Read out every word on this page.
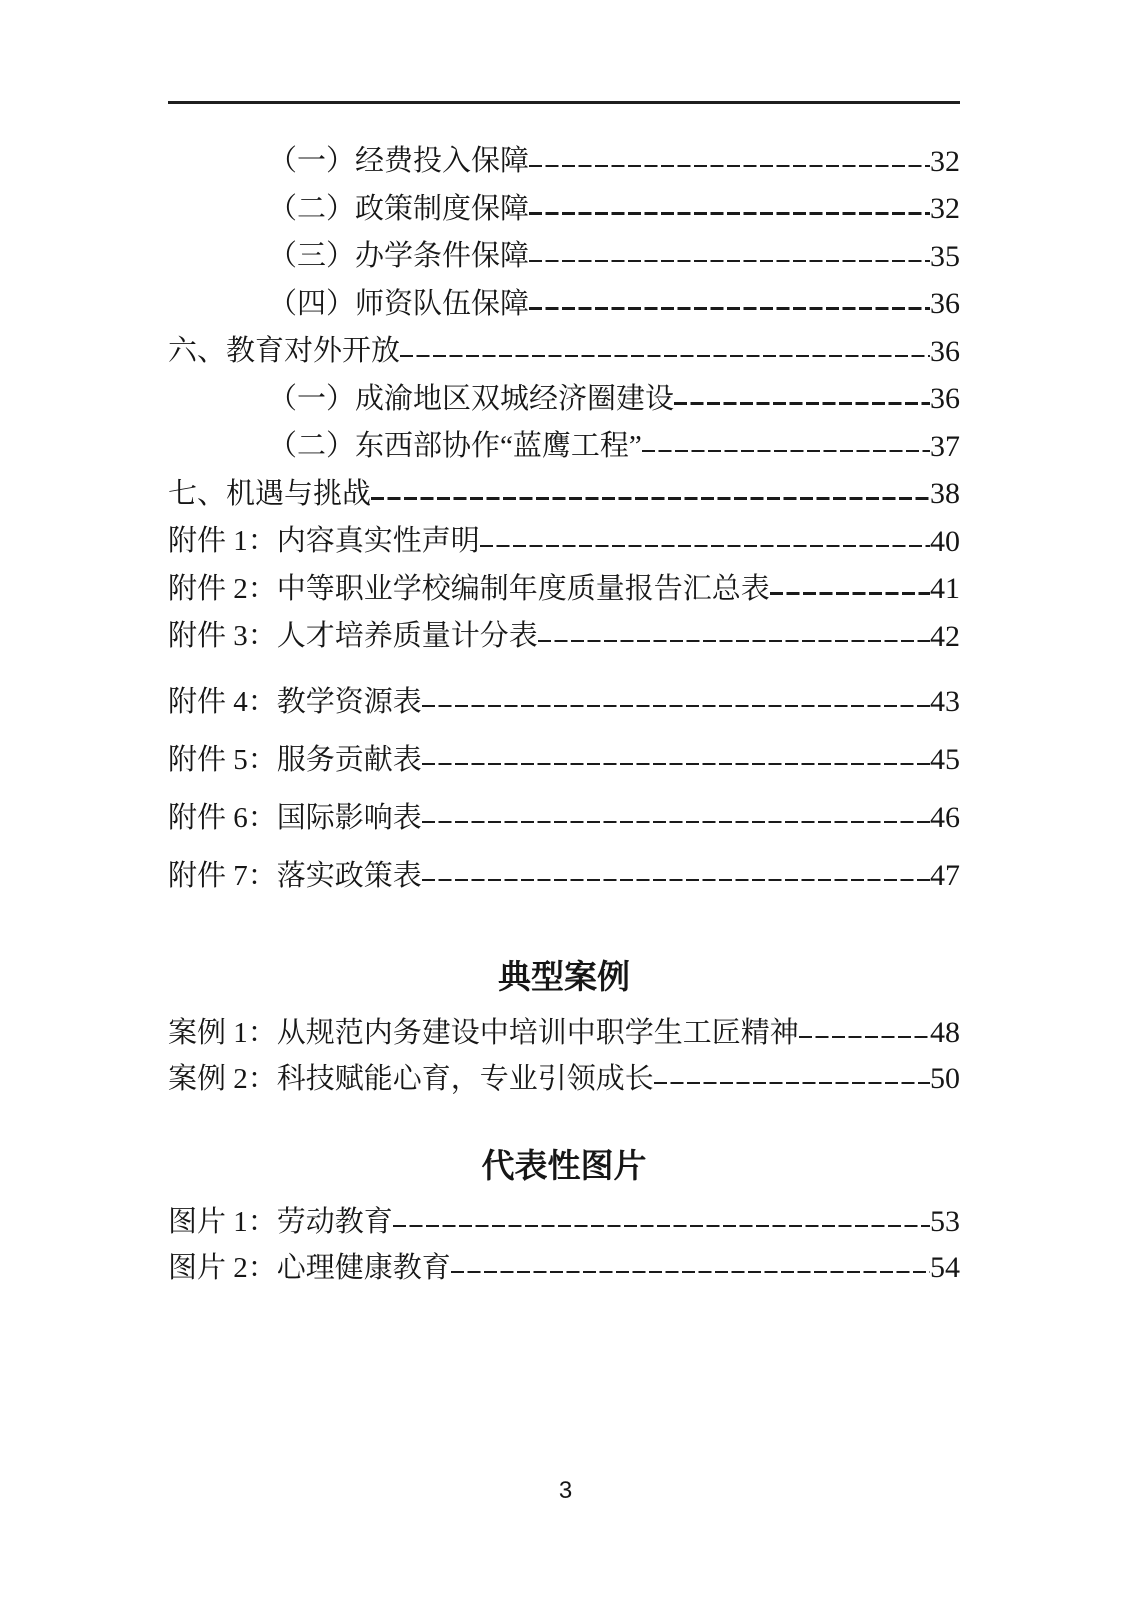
（一）经费投入保障	32
（二）政策制度保障	32
（三）办学条件保障	35
（四）师资队伍保障	36
六、教育对外开放	36
（一）成渝地区双城经济圈建设	36
（二）东西部协作“蓝鹰工程”	37
七、机遇与挑战	38
附件 1：内容真实性声明	40
附件 2：中等职业学校编制年度质量报告汇总表	41
附件 3：人才培养质量计分表	42
附件 4：教学资源表	43
附件 5：服务贡献表	45
附件 6：国际影响表	46
附件 7：落实政策表	47
典型案例
案例 1：从规范内务建设中培训中职学生工匠精神	48
案例 2：科技赋能心育，专业引领成长	50
代表性图片
图片 1：劳动教育	53
图片 2：心理健康教育	54
3
